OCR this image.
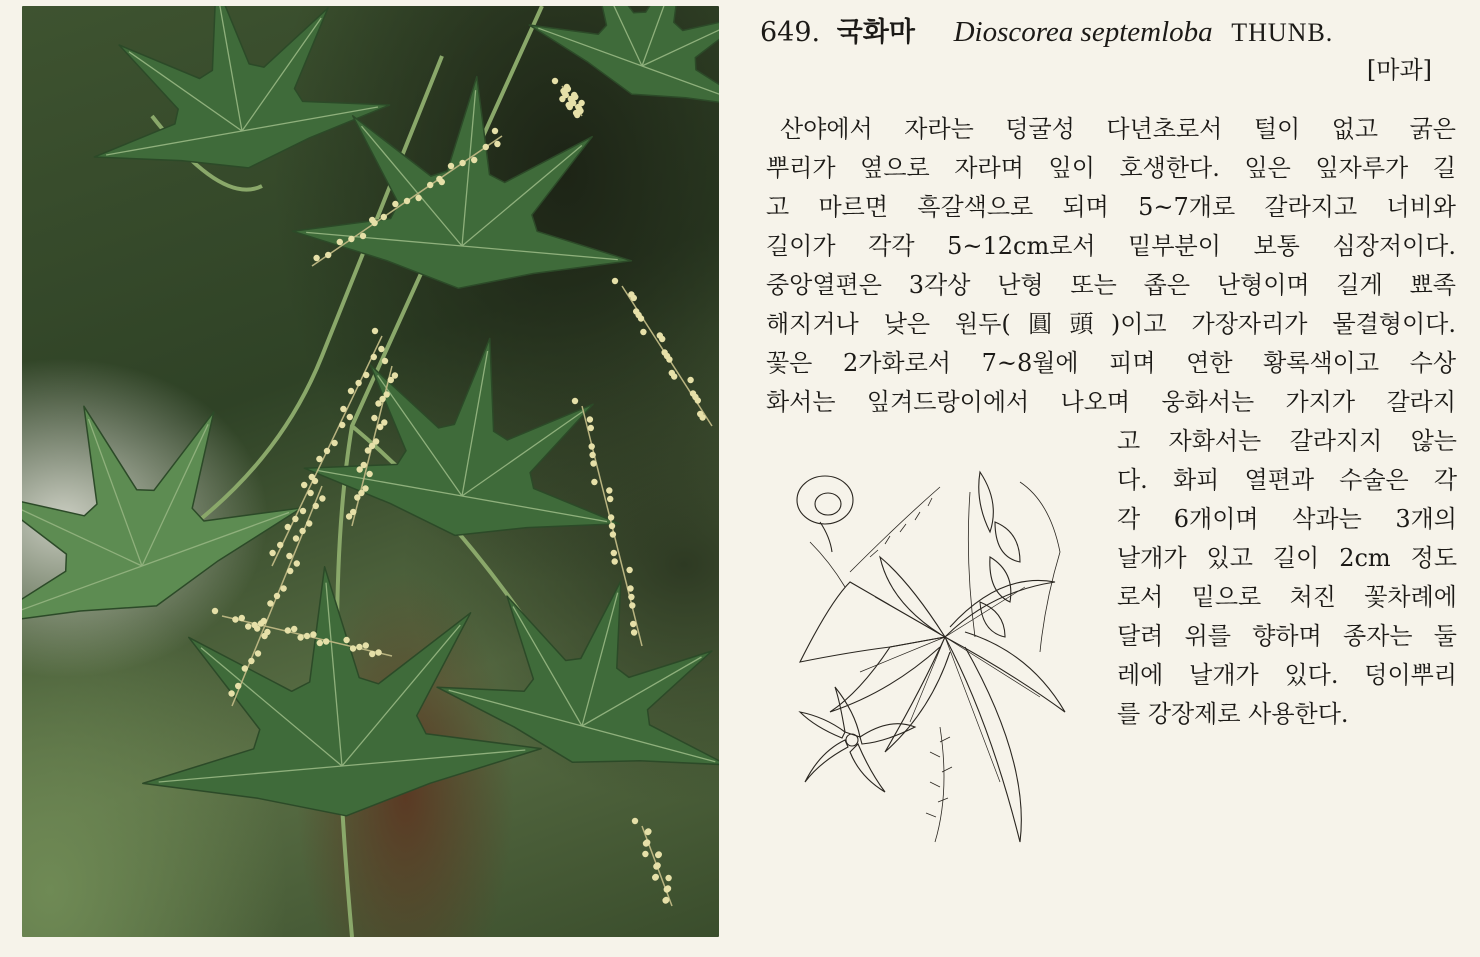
649. 국화마 Dioscorea septemloba THUNB.
[마과]
산야에서 자라는 덩굴성 다년초로서 털이 없고 굵은
뿌리가 옆으로 자라며 잎이 호생한다. 잎은 잎자루가 길
고 마르면 흑갈색으로 되며 5~7개로 갈라지고 너비와
길이가 각각 5~12cm로서 밑부분이 보통 심장저이다.
중앙열편은 3각상 난형 또는 좁은 난형이며 길게 뾰족
해지거나 낮은 원두(圓頭)이고 가장자리가 물결형이다.
꽃은 2가화로서 7~8월에 피며 연한 황록색이고 수상
화서는 잎겨드랑이에서 나오며 웅화서는 가지가 갈라지
고 자화서는 갈라지지 않는
다. 화피 열편과 수술은 각
각 6개이며 삭과는 3개의
날개가 있고 길이 2cm 정도
로서 밑으로 처진 꽃차례에
달려 위를 향하며 종자는 둘
레에 날개가 있다. 덩이뿌리
를 강장제로 사용한다.
